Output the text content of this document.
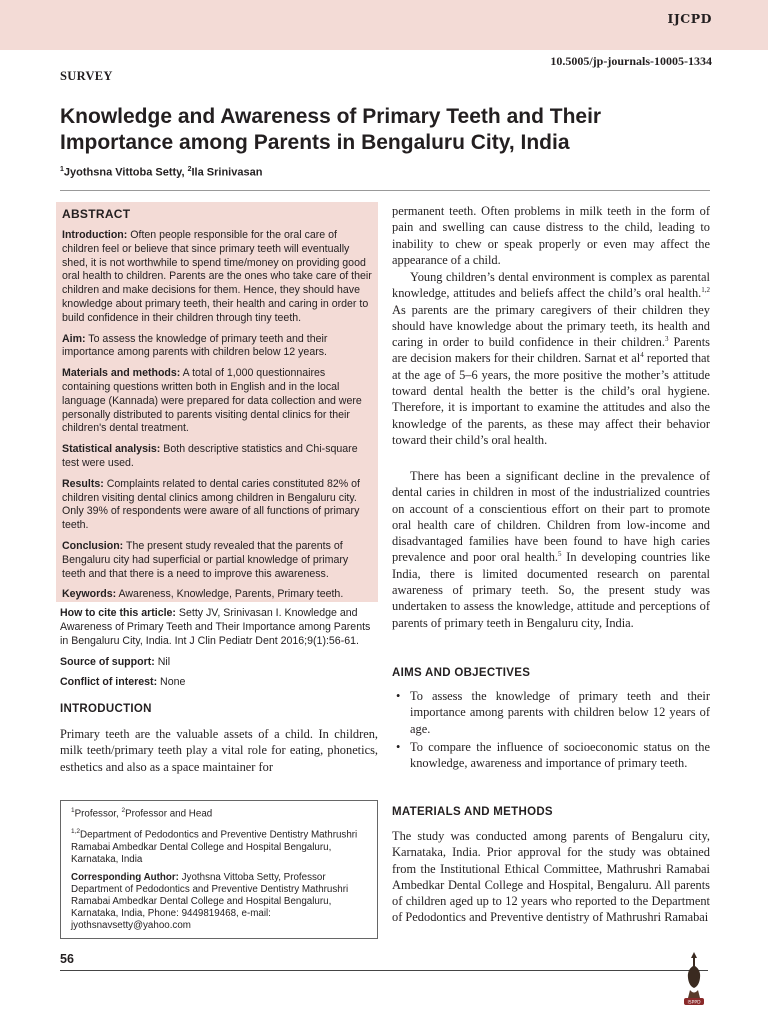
IJCPD
10.5005/jp-journals-10005-1334
SURVEY
Knowledge and Awareness of Primary Teeth and Their Importance among Parents in Bengaluru City, India
$^1$Jyothsna Vittoba Setty, $^2$Ila Srinivasan
ABSTRACT

Introduction: Often people responsible for the oral care of children feel or believe that since primary teeth will eventually shed, it is not worthwhile to spend time/money on providing good oral health to children. Parents are the ones who take care of their children and make decisions for them. Hence, they should have knowledge about primary teeth, their health and caring in order to build confidence in their children through tiny teeth.

Aim: To assess the knowledge of primary teeth and their importance among parents with children below 12 years.

Materials and methods: A total of 1,000 questionnaires containing questions written both in English and in the local language (Kannada) were prepared for data collection and were personally distributed to parents visiting dental clinics for their children's dental treatment.

Statistical analysis: Both descriptive statistics and Chi-square test were used.

Results: Complaints related to dental caries constituted 82% of children visiting dental clinics among children in Bengaluru city. Only 39% of respondents were aware of all functions of primary teeth.

Conclusion: The present study revealed that the parents of Bengaluru city had superficial or partial knowledge of primary teeth and that there is a need to improve this awareness.

Keywords: Awareness, Knowledge, Parents, Primary teeth.

How to cite this article: Setty JV, Srinivasan I. Knowledge and Awareness of Primary Teeth and Their Importance among Parents in Bengaluru City, India. Int J Clin Pediatr Dent 2016;9(1):56-61.

Source of support: Nil

Conflict of interest: None

INTRODUCTION

Primary teeth are the valuable assets of a child. In children, milk teeth/primary teeth play a vital role for eating, phonetics, esthetics and also as a space maintainer for

$^1$Professor, $^2$Professor and Head

$^{1,2}$Department of Pedodontics and Preventive Dentistry Mathrushri Ramabai Ambedkar Dental College and Hospital Bengaluru, Karnataka, India

Corresponding Author: Jyothsna Vittoba Setty, Professor Department of Pedodontics and Preventive Dentistry Mathrushri Ramabai Ambedkar Dental College and Hospital Bengaluru, Karnataka, India, Phone: 9449819468, e-mail: jyothsnavsetty@yahoo.com

permanent teeth. Often problems in milk teeth in the form of pain and swelling can cause distress to the child, leading to inability to chew or speak properly or even may affect the appearance of a child.

Young children’s dental environment is complex as parental knowledge, attitudes and beliefs affect the child’s oral health.$^{1,2}$ As parents are the primary caregivers of their children they should have knowledge about the primary teeth, its health and caring in order to build confidence in their children.$^3$ Parents are decision makers for their children. Sarnat et $al^4$ reported that at the age of 5–6 years, the more positive the mother’s attitude toward dental health the better is the child’s oral hygiene. Therefore, it is important to examine the attitudes and also the knowledge of the parents, as these may affect their behavior toward their child’s oral health.

There has been a significant decline in the prevalence of dental caries in children in most of the industrialized countries on account of a conscientious effort on their part to promote oral health care of children. Children from low-income and disadvantaged families have been found to have high caries prevalence and poor oral health.$^5$ In developing countries like India, there is limited documented research on parental awareness of primary teeth. So, the present study was undertaken to assess the knowledge, attitude and perceptions of parents of primary teeth in Bengaluru city, India.

AIMS AND OBJECTIVES
• To assess the knowledge of primary teeth and their importance among parents with children below 12 years of age.
• To compare the influence of socioeconomic status on the knowledge, awareness and importance of primary teeth.
MATERIALS AND METHODS

The study was conducted among parents of Bengaluru city, Karnataka, India. Prior approval for the study was obtained from the Institutional Ethical Committee, Mathrushri Ramabai Ambedkar Dental College and Hospital, Bengaluru. All parents of children aged up to 12 years who reported to the Department of Pedodontics and Preventive dentistry of Mathrushri Ramabai

56
ISPPD
